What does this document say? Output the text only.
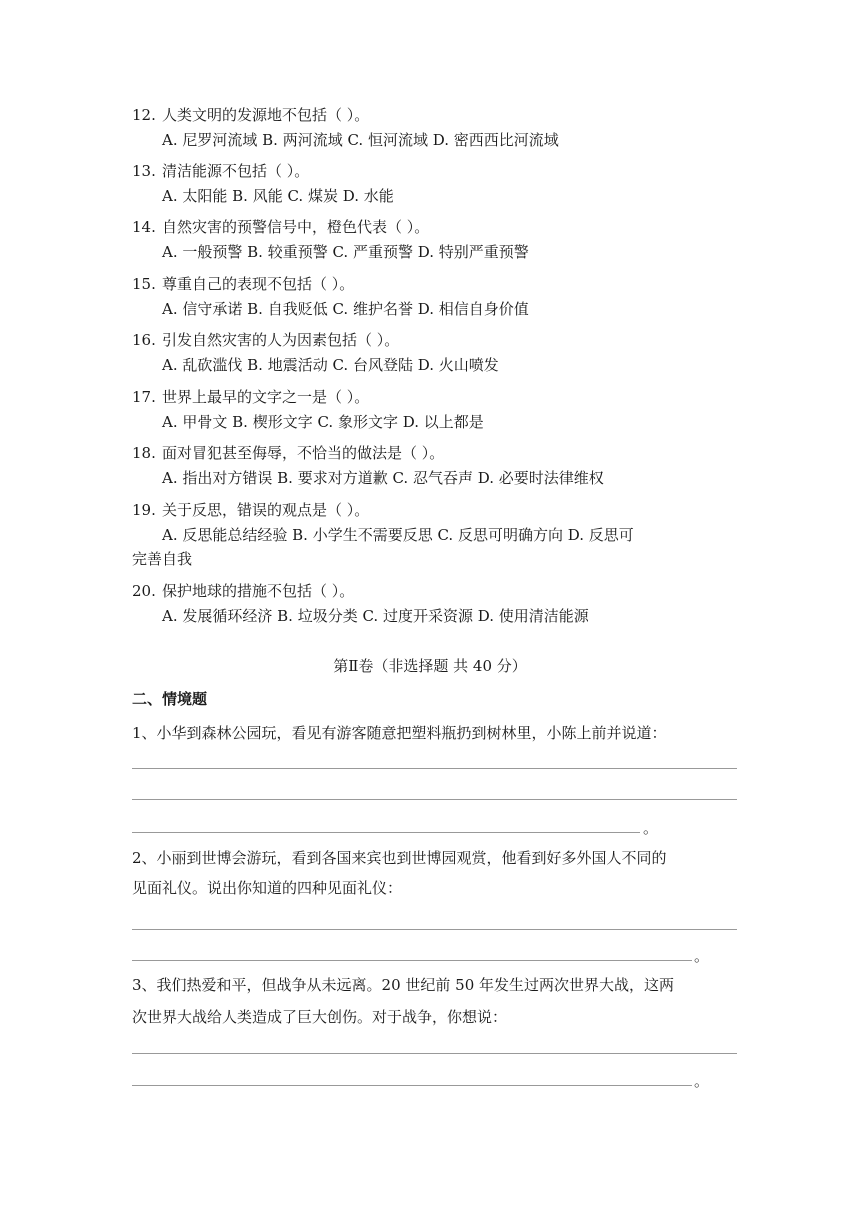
12. 人类文明的发源地不包括（ ）。
A. 尼罗河流域 B. 两河流域 C. 恒河流域 D. 密西西比河流域
13. 清洁能源不包括（ ）。
A. 太阳能 B. 风能 C. 煤炭 D. 水能
14. 自然灾害的预警信号中，橙色代表（ ）。
A. 一般预警 B. 较重预警 C. 严重预警 D. 特别严重预警
15. 尊重自己的表现不包括（ ）。
A. 信守承诺 B. 自我贬低 C. 维护名誉 D. 相信自身价值
16. 引发自然灾害的人为因素包括（ ）。
A. 乱砍滥伐 B. 地震活动 C. 台风登陆 D. 火山喷发
17. 世界上最早的文字之一是（ ）。
A. 甲骨文 B. 楔形文字 C. 象形文字 D. 以上都是
18. 面对冒犯甚至侮辱，不恰当的做法是（ ）。
A. 指出对方错误 B. 要求对方道歉 C. 忍气吞声 D. 必要时法律维权
19. 关于反思，错误的观点是（ ）。
A. 反思能总结经验 B. 小学生不需要反思 C. 反思可明确方向 D. 反思可
完善自我
20. 保护地球的措施不包括（ ）。
A. 发展循环经济 B. 垃圾分类 C. 过度开采资源 D. 使用清洁能源
第Ⅱ卷（非选择题 共 40 分）
二、情境题
1、小华到森林公园玩，看见有游客随意把塑料瓶扔到树林里，小陈上前并说道：
。
2、小丽到世博会游玩，看到各国来宾也到世博园观赏，他看到好多外国人不同的
见面礼仪。说出你知道的四种见面礼仪：
。
3、我们热爱和平，但战争从未远离。20 世纪前 50 年发生过两次世界大战，这两
次世界大战给人类造成了巨大创伤。对于战争，你想说：
。
